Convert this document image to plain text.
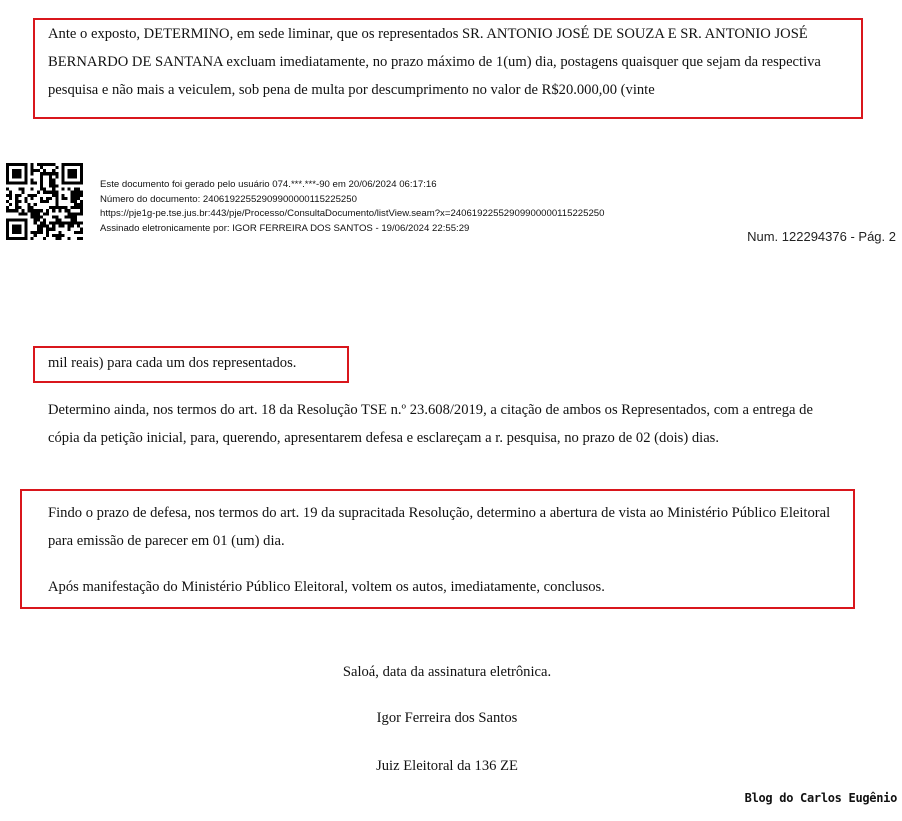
Ante o exposto, DETERMINO, em sede liminar, que os representados SR. ANTONIO JOSÉ DE SOUZA E SR. ANTONIO JOSÉ BERNARDO DE SANTANA excluam imediatamente, no prazo máximo de 1(um) dia, postagens quaisquer que sejam da respectiva pesquisa e não mais a veiculem, sob pena de multa por descumprimento no valor de R$20.000,00 (vinte

Este documento foi gerado pelo usuário 074.***.***-90 em 20/06/2024 06:17:16
Número do documento: 24061922552909900000115225250
https://pje1g-pe.tse.jus.br:443/pje/Processo/ConsultaDocumento/listView.seam?x=24061922552909900000115225250
Assinado eletronicamente por: IGOR FERREIRA DOS SANTOS - 19/06/2024 22:55:29
Num. 122294376 - Pág. 2

mil reais) para cada um dos representados.

Determino ainda, nos termos do art. 18 da Resolução TSE n.º 23.608/2019, a citação de ambos os Representados, com a entrega de cópia da petição inicial, para, querendo, apresentarem defesa e esclareçam a r. pesquisa, no prazo de 02 (dois) dias.

Findo o prazo de defesa, nos termos do art. 19 da supracitada Resolução, determino a abertura de vista ao Ministério Público Eleitoral para emissão de parecer em 01 (um) dia.

Após manifestação do Ministério Público Eleitoral, voltem os autos, imediatamente, conclusos.

Saloá, data da assinatura eletrônica.
Igor Ferreira dos Santos
Juiz Eleitoral da 136 ZE
Blog do Carlos Eugênio
